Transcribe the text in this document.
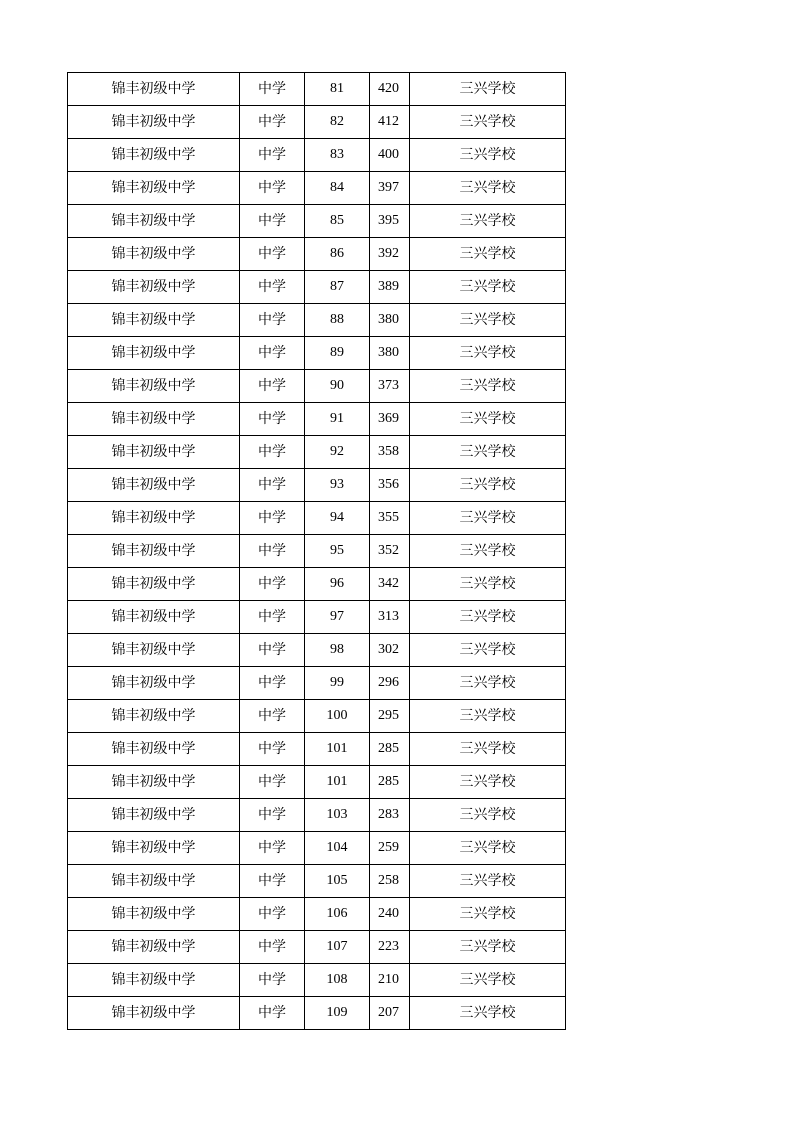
锦丰初级中学	中学	81	420	三兴学校
锦丰初级中学	中学	82	412	三兴学校
锦丰初级中学	中学	83	400	三兴学校
锦丰初级中学	中学	84	397	三兴学校
锦丰初级中学	中学	85	395	三兴学校
锦丰初级中学	中学	86	392	三兴学校
锦丰初级中学	中学	87	389	三兴学校
锦丰初级中学	中学	88	380	三兴学校
锦丰初级中学	中学	89	380	三兴学校
锦丰初级中学	中学	90	373	三兴学校
锦丰初级中学	中学	91	369	三兴学校
锦丰初级中学	中学	92	358	三兴学校
锦丰初级中学	中学	93	356	三兴学校
锦丰初级中学	中学	94	355	三兴学校
锦丰初级中学	中学	95	352	三兴学校
锦丰初级中学	中学	96	342	三兴学校
锦丰初级中学	中学	97	313	三兴学校
锦丰初级中学	中学	98	302	三兴学校
锦丰初级中学	中学	99	296	三兴学校
锦丰初级中学	中学	100	295	三兴学校
锦丰初级中学	中学	101	285	三兴学校
锦丰初级中学	中学	101	285	三兴学校
锦丰初级中学	中学	103	283	三兴学校
锦丰初级中学	中学	104	259	三兴学校
锦丰初级中学	中学	105	258	三兴学校
锦丰初级中学	中学	106	240	三兴学校
锦丰初级中学	中学	107	223	三兴学校
锦丰初级中学	中学	108	210	三兴学校
锦丰初级中学	中学	109	207	三兴学校
